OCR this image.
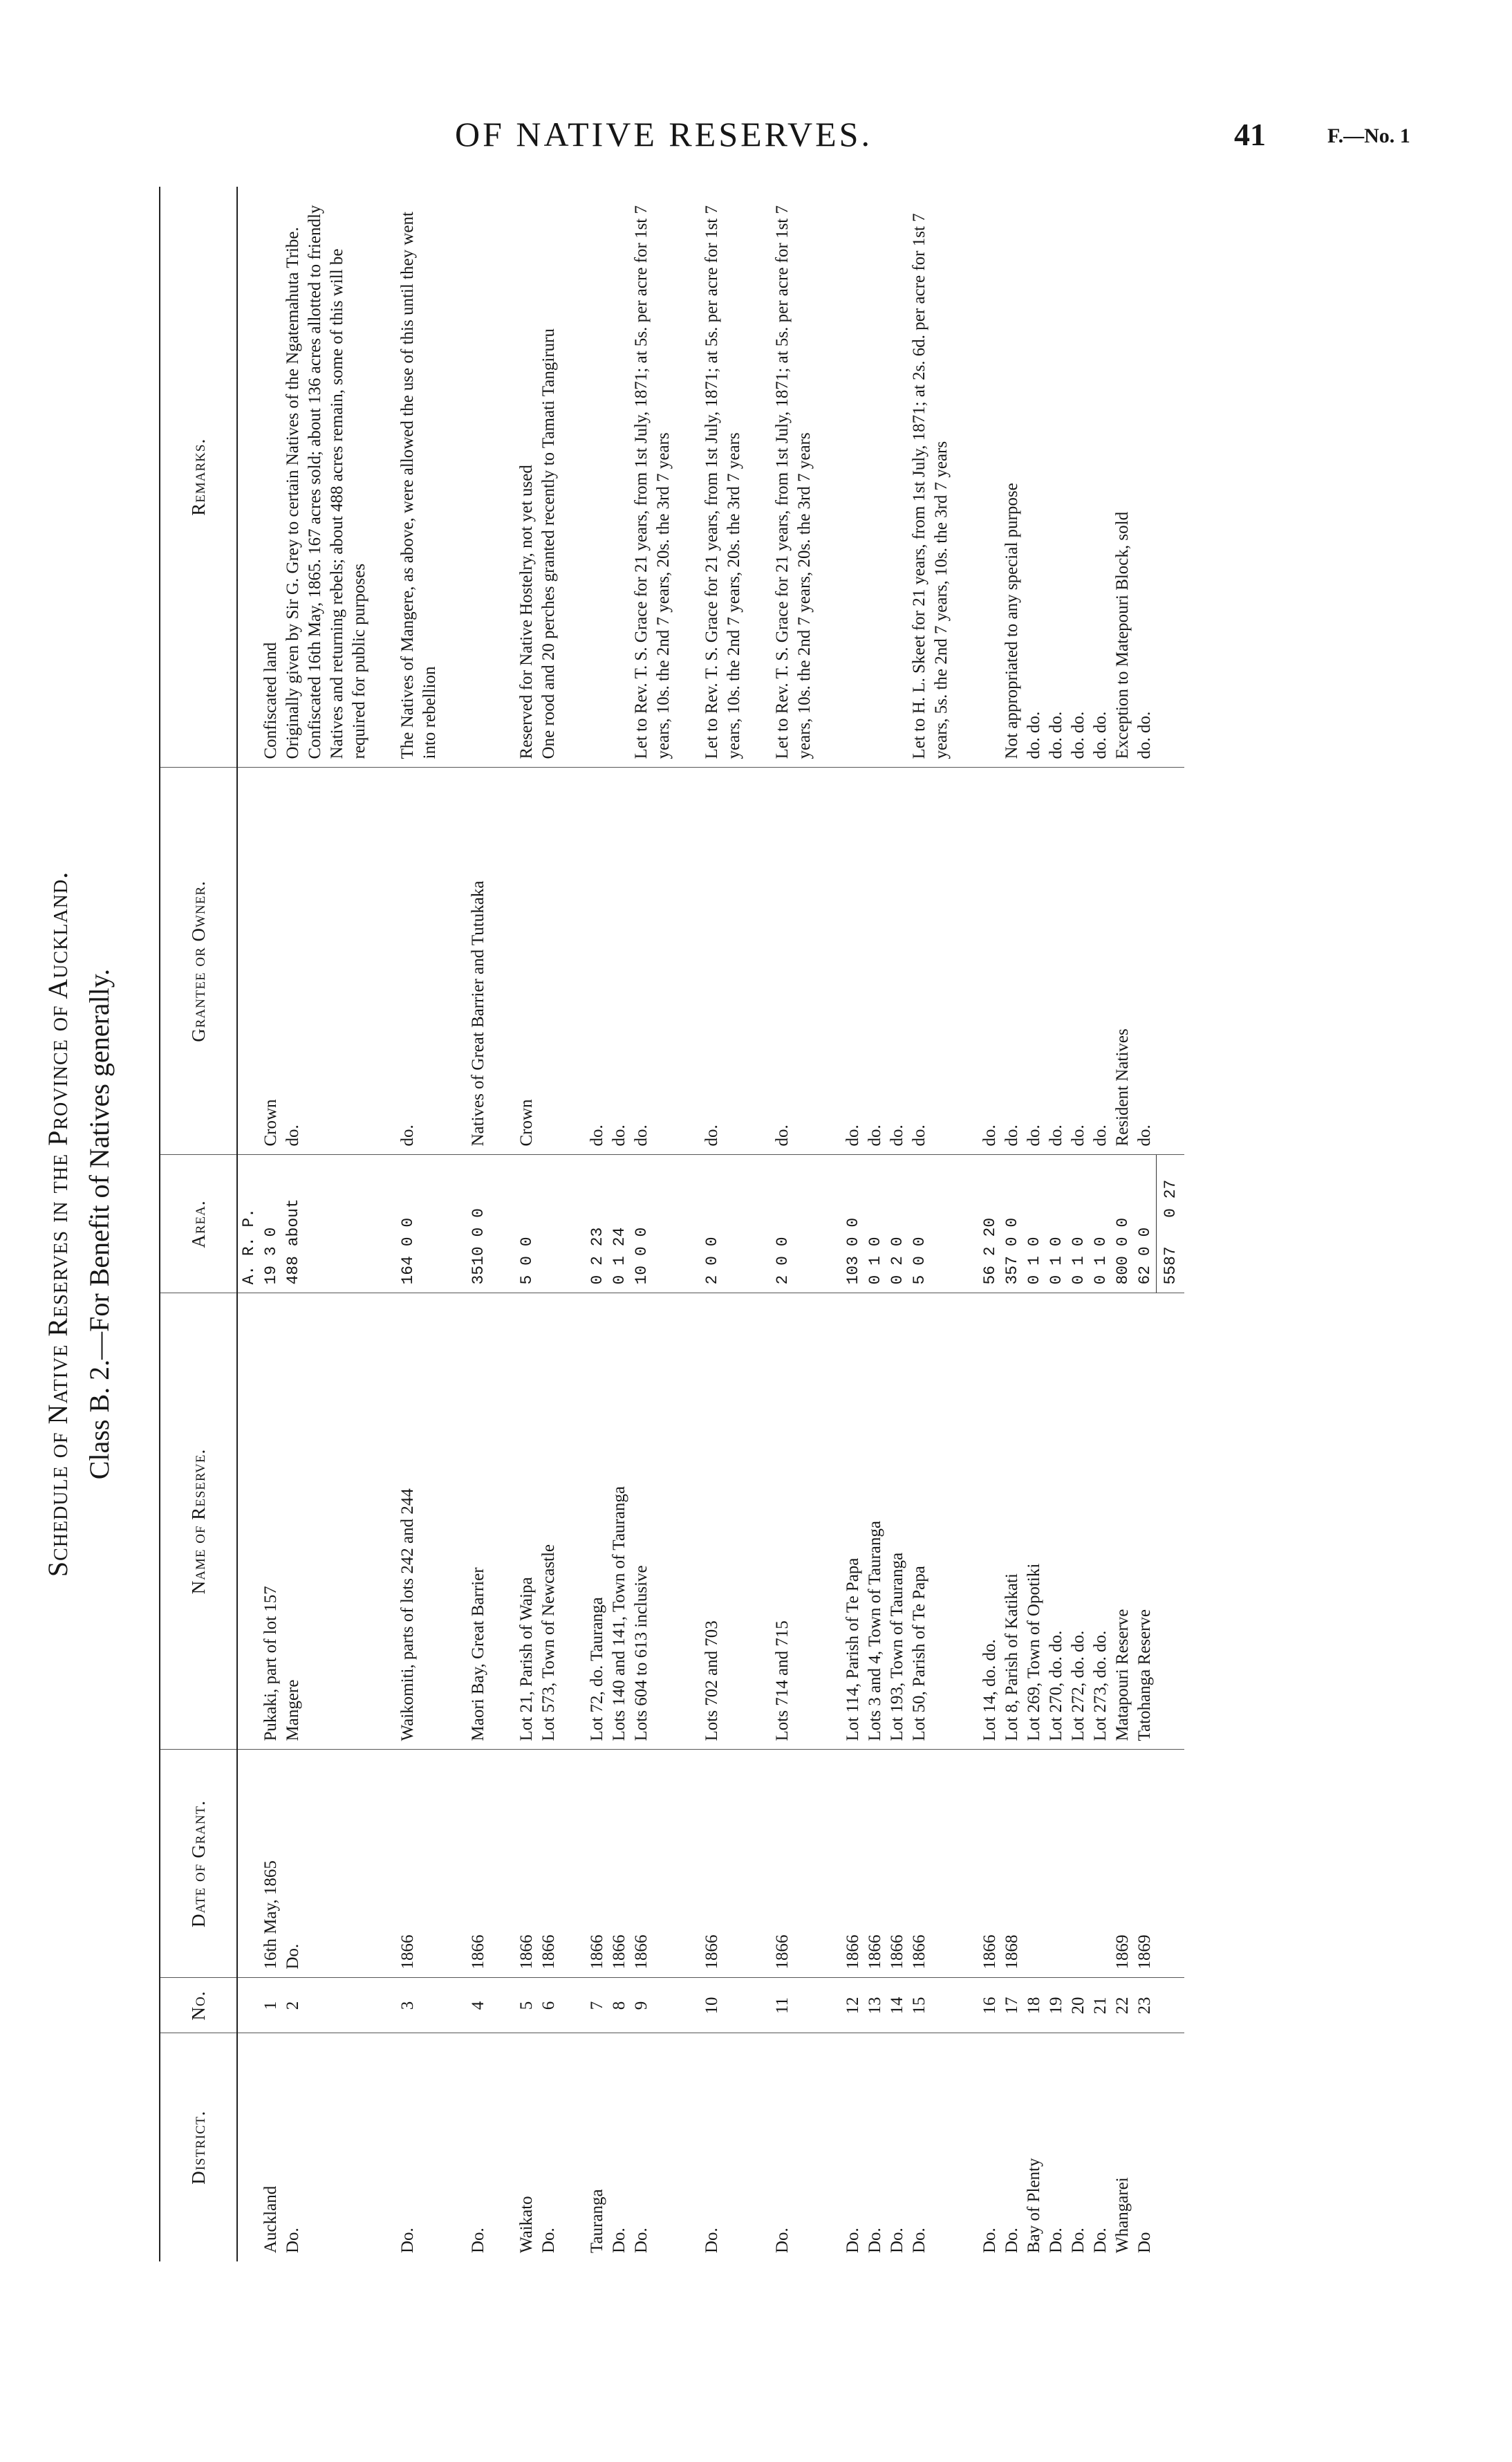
OF NATIVE RESERVES.	41	F.—No. 1
Schedule of Native Reserves in the Province of Auckland. Class B. 2.—For Benefit of Natives generally.
District.	No.	Date of Grant.	Name of Reserve.	Area.	Grantee or Owner.	Remarks.
				A. R. P.		
Auckland	1	16th May, 1865	Pukaki, part of lot 157	19 3 0	Crown	Confiscated land
Do.	2	Do.	Mangere	488 about	do.	Originally given by Sir G. Grey to certain Natives of the Ngatemahuta Tribe. Confiscated 16th May, 1865. 167 acres sold; about 136 acres allotted to friendly Natives and returning rebels; about 488 acres remain, some of this will be required for public purposes

Do.	3	1866	Waikomiti, parts of lots 242 and 244	164 0 0	do.	The Natives of Mangere, as above, were allowed the use of this until they went into rebellion

Do.	4	1866	Maori Bay, Great Barrier	3510 0 0	Natives of Great Barrier and Tutukaka	

Waikato	5	1866	Lot 21, Parish of Waipa	5 0 0	Crown	Reserved for Native Hostelry, not yet used
Do.	6	1866	Lot 573, Town of Newcastle			One rood and 20 perches granted recently to Tamati Tangiruru

Tauranga	7	1866	Lot 72, do. Tauranga	0 2 23	do.	
Do.	8	1866	Lots 140 and 141, Town of Tauranga	0 1 24	do.	
Do.	9	1866	Lots 604 to 613 inclusive	10 0 0	do.	Let to Rev. T. S. Grace for 21 years, from 1st July, 1871; at 5s. per acre for 1st 7 years, 10s. the 2nd 7 years, 20s. the 3rd 7 years

Do.	10	1866	Lots 702 and 703	2 0 0	do.	Let to Rev. T. S. Grace for 21 years, from 1st July, 1871; at 5s. per acre for 1st 7 years, 10s. the 2nd 7 years, 20s. the 3rd 7 years

Do.	11	1866	Lots 714 and 715	2 0 0	do.	Let to Rev. T. S. Grace for 21 years, from 1st July, 1871; at 5s. per acre for 1st 7 years, 10s. the 2nd 7 years, 20s. the 3rd 7 years

Do.	12	1866	Lot 114, Parish of Te Papa	103 0 0	do.	
Do.	13	1866	Lots 3 and 4, Town of Tauranga	0 1 0	do.	
Do.	14	1866	Lot 193, Town of Tauranga	0 2 0	do.	
Do.	15	1866	Lot 50, Parish of Te Papa	5 0 0	do.	Let to H. L. Skeet for 21 years, from 1st July, 1871; at 2s. 6d. per acre for 1st 7 years, 5s. the 2nd 7 years, 10s. the 3rd 7 years

Do.	16	1866	Lot 14, do. do.	56 2 20	do.	
Do.	17	1868	Lot 8, Parish of Katikati	357 0 0	do.	Not appropriated to any special purpose
Bay of Plenty	18		Lot 269, Town of Opotiki	0 1 0	do.	do. do.
Do.	19		Lot 270, do. do.	0 1 0	do.	do. do.
Do.	20		Lot 272, do. do.	0 1 0	do.	do. do.
Do.	21		Lot 273, do. do.	0 1 0	do.	do. do.
Whangarei	22	1869	Matapouri Reserve	800 0 0	Resident Natives	Exception to Matepouri Block, sold
Do	23	1869	Tatohanga Reserve	62 0 0	do.	do. do.
				5587   0 27		
